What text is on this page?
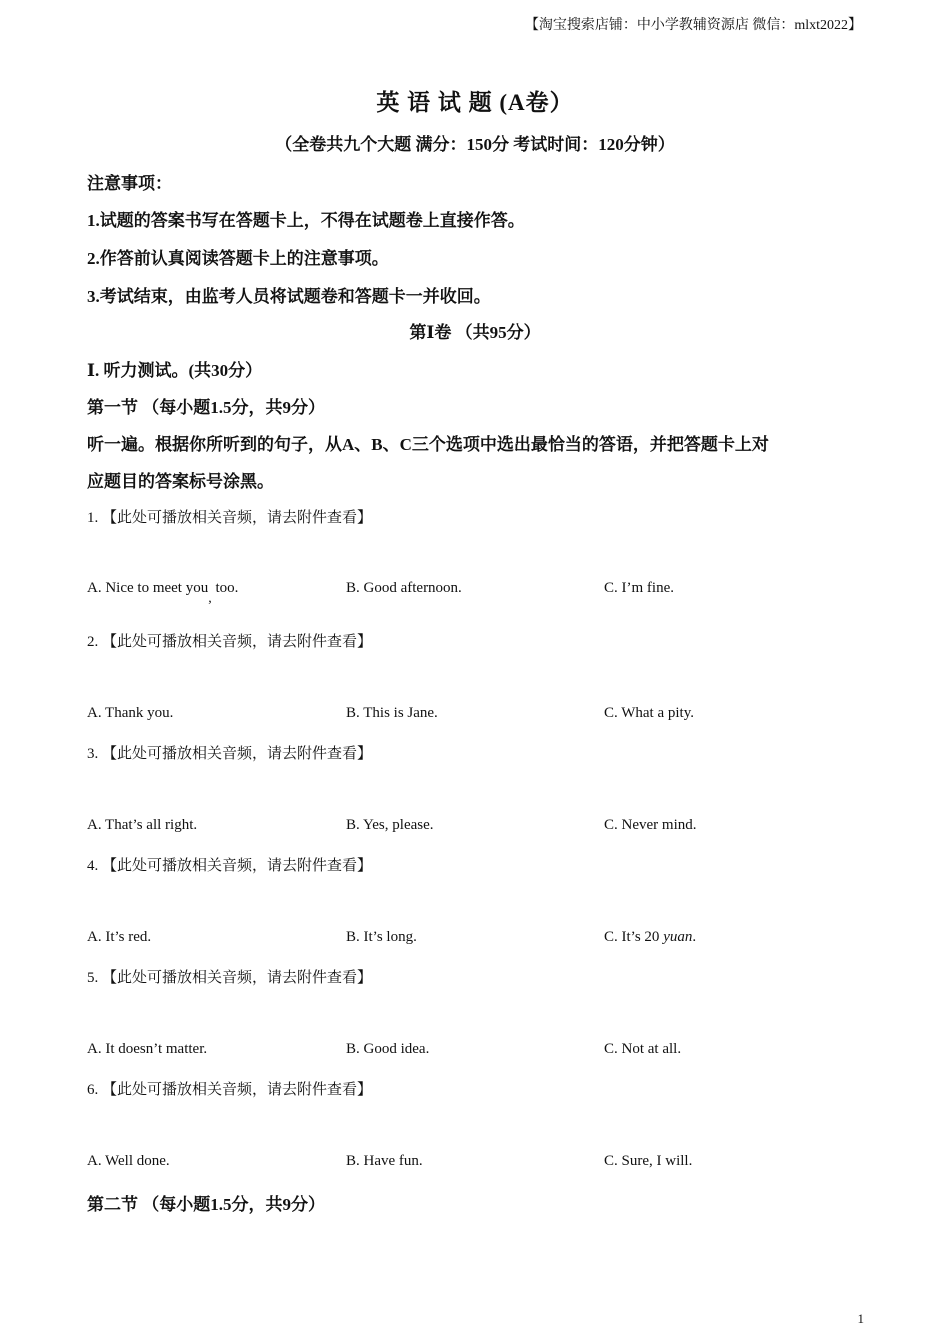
【淘宝搜索店铺：中小学教辅资源店 微信：mlxt2022】
英 语 试 题 (A卷）
（全卷共九个大题 满分：150分 考试时间：120分钟）
注意事项：
1.试题的答案书写在答题卡上，不得在试题卷上直接作答。
2.作答前认真阅读答题卡上的注意事项。
3.考试结束，由监考人员将试题卷和答题卡一并收回。
第Ⅰ卷 （共95分）
Ⅰ. 听力测试。(共30分）
第一节 （每小题1.5分，共9分）
听一遍。根据你所听到的句子，从A、B、C三个选项中选出最恰当的答语，并把答题卡上对
应题目的答案标号涂黑。
1. 【此处可播放相关音频，请去附件查看】
A. Nice to meet you, too.	B. Good afternoon.	C. I’m fine.
2. 【此处可播放相关音频，请去附件查看】
A. Thank you.	B. This is Jane.	C. What a pity.
3. 【此处可播放相关音频，请去附件查看】
A. That’s all right.	B. Yes, please.	C. Never mind.
4. 【此处可播放相关音频，请去附件查看】
A. It’s red.	B. It’s long.	C. It’s 20 yuan.
5. 【此处可播放相关音频，请去附件查看】
A. It doesn’t matter.	B. Good idea.	C. Not at all.
6. 【此处可播放相关音频，请去附件查看】
A. Well done.	B. Have fun.	C. Sure, I will.
第二节 （每小题1.5分，共9分）
1
